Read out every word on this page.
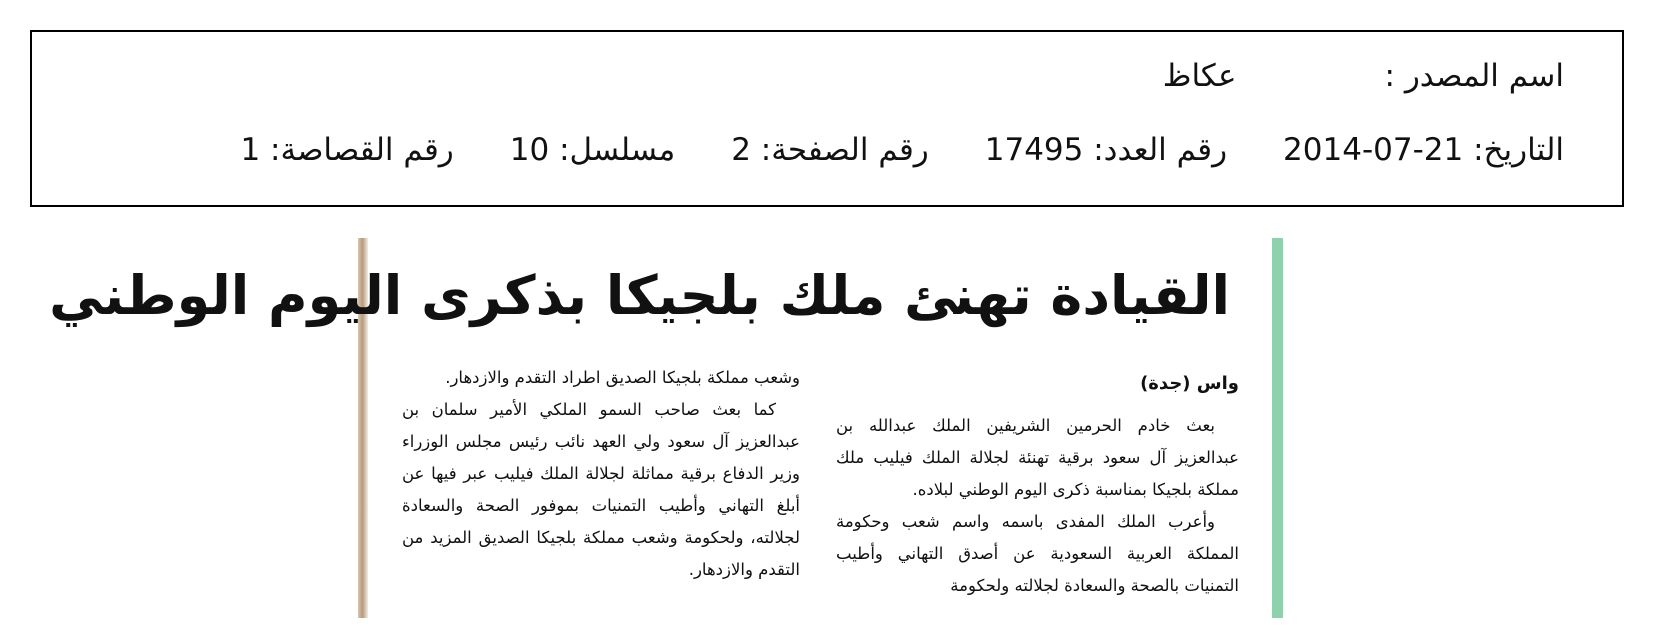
اسم المصدر :عكاظ
التاريخ: 21-07-2014رقم العدد: 17495رقم الصفحة: 2مسلسل: 10رقم القصاصة: 1
القيادة تهنئ ملك بلجيكا بذكرى اليوم الوطني
واس (جدة)

بعث خادم الحرمين الشريفين الملك عبدالله بن عبدالعزيز آل سعود برقية تهنئة لجلالة الملك فيليب ملك مملكة بلجيكا بمناسبة ذكرى اليوم الوطني لبلاده.

وأعرب الملك المفدى باسمه واسم شعب وحكومة المملكة العربية السعودية عن أصدق التهاني وأطيب التمنيات بالصحة والسعادة لجلالته ولحكومة

وشعب مملكة بلجيكا الصديق اطراد التقدم والازدهار.

كما بعث صاحب السمو الملكي الأمير سلمان بن عبدالعزيز آل سعود ولي العهد نائب رئيس مجلس الوزراء وزير الدفاع برقية مماثلة لجلالة الملك فيليب عبر فيها عن أبلغ التهاني وأطيب التمنيات بموفور الصحة والسعادة لجلالته، ولحكومة وشعب مملكة بلجيكا الصديق المزيد من التقدم والازدهار.
